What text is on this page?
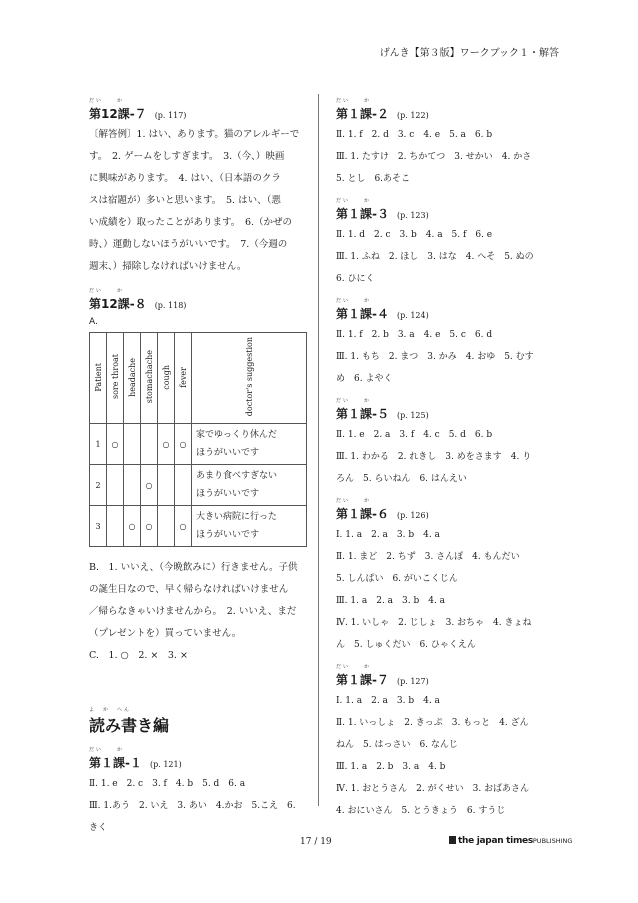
げんき【第３版】ワークブック１・解答
だい　　か
第12課-７ (p. 117)

〔解答例〕1. はい、あります。猫のアレルギーで

す。　2. ゲームをしすぎます。　3.（今、）映画

に興味があります。　4. はい、（日本語のクラ

スは宿題が）多いと思います。　5. はい、（悪

い成績を）取ったことがあります。　6.（かぜの

時、）運動しないほうがいいです。　7.（今週の

週末、）掃除しなければいけません。

だい　　か
第12課-８ (p. 118)
A.
Patient	sore throat	headache	stomachache	cough	fever	doctor's suggestion
1	○			○	○	家でゆっくり休んだ
ほうがいいです

2			○			あまり食べすぎない
ほうがいいです

3		○	○		○	大きい病院に行った
ほうがいいです

B.　1. いいえ、（今晩飲みに）行きません。子供

の誕生日なので、早く帰らなければいけません

／帰らなきゃいけませんから。　2. いいえ、まだ

（プレゼントを）買っていません。

C.　1. ○　2. ×　3. ×

よ　か　へん
読み書き編
だい　　か
第１課-１ (p. 121)

Ⅱ. 1. e　2. c　3. f　4. b　5. d　6. a

Ⅲ. 1.あう　2. いえ　3. あい　4.かお　5.こえ　6.

きく

だい　　か
第１課-２ (p. 122)

Ⅱ. 1. f　2. d　3. c　4. e　5. a　6. b

Ⅲ. 1. たすけ　2. ちかてつ　3. せかい　4. かさ

5. とし　6.あそこ

だい　　か
第１課-３ (p. 123)

Ⅱ. 1. d　2. c　3. b　4. a　5. f　6. e

Ⅲ. 1. ふね　2. ほし　3. はな　4. へそ　5. ぬの

6. ひにく

だい　　か
第１課-４ (p. 124)

Ⅱ. 1. f　2. b　3. a　4. e　5. c　6. d

Ⅲ. 1. もち　2. まつ　3. かみ　4. おゆ　5. むす

め　6. よやく

だい　　か
第１課-５ (p. 125)

Ⅱ. 1. e　2. a　3. f　4. c　5. d　6. b

Ⅲ. 1. わかる　2. れきし　3. めをさます　4. り

ろん　5. らいねん　6. はんえい

だい　　か
第１課-６ (p. 126)

Ⅰ. 1. a　2. a　3. b　4. a

Ⅱ. 1. まど　2. ちず　3. さんぽ　4. もんだい

5. しんぱい　6. がいこくじん

Ⅲ. 1. a　2. a　3. b　4. a

Ⅳ. 1. いしゃ　2. じしょ　3. おちゃ　4. きょね

ん　5. しゅくだい　6. ひゃくえん

だい　　か
第１課-７ (p. 127)

Ⅰ. 1. a　2. a　3. b　4. a

Ⅱ. 1. いっしょ　2. きっぷ　3. もっと　4. ざん

ねん　5. はっさい　6. なんじ

Ⅲ. 1. a　2. b　3. a　4. b

Ⅳ. 1. おとうさん　2. がくせい　3. おばあさん

4. おにいさん　5. とうきょう　6. すうじ

17 / 19	the japan timesPUBLISHING
